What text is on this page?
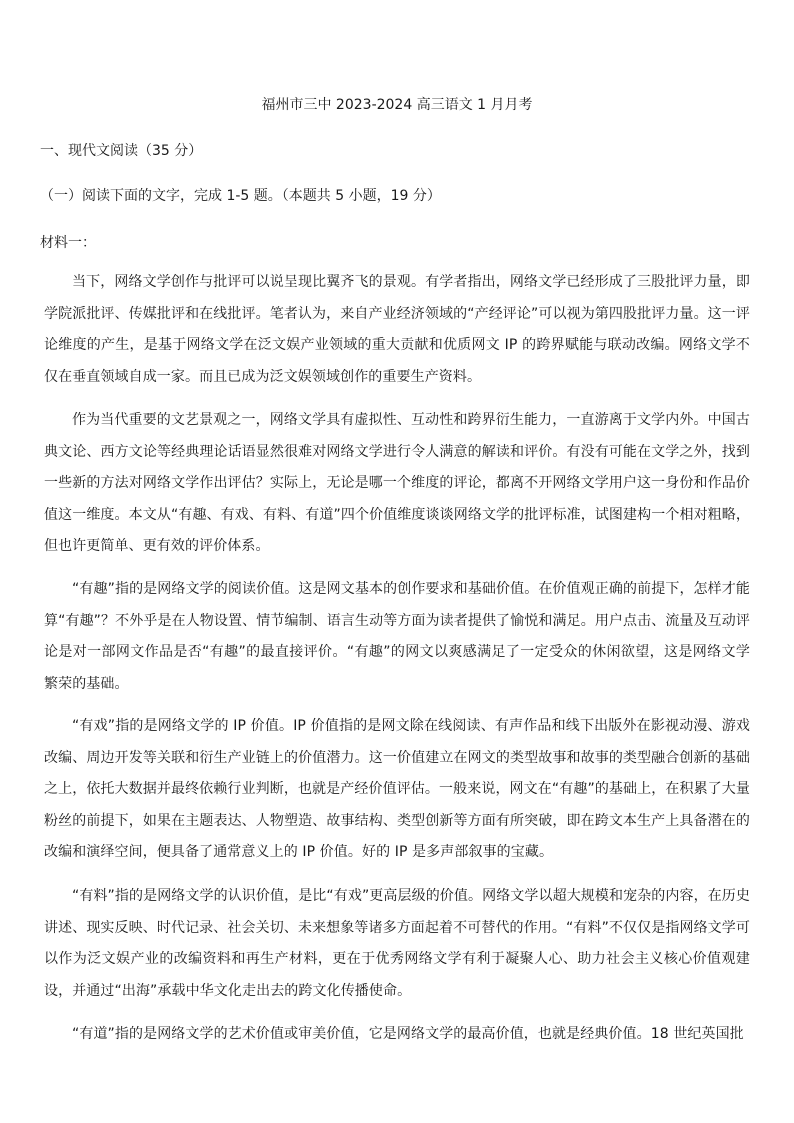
福州市三中 2023-2024 高三语文 1 月月考
一、现代文阅读（35 分）
（一）阅读下面的文字，完成 1-5 题。（本题共 5 小题，19 分）
材料一：

当下，网络文学创作与批评可以说呈现比翼齐飞的景观。有学者指出，网络文学已经形成了三股批评力量，即学院派批评、传媒批评和在线批评。笔者认为，来自产业经济领域的“产经评论”可以视为第四股批评力量。这一评论维度的产生，是基于网络文学在泛文娱产业领域的重大贡献和优质网文 IP 的跨界赋能与联动改编。网络文学不仅在垂直领域自成一家。而且已成为泛文娱领域创作的重要生产资料。

作为当代重要的文艺景观之一，网络文学具有虚拟性、互动性和跨界衍生能力，一直游离于文学内外。中国古典文论、西方文论等经典理论话语显然很难对网络文学进行令人满意的解读和评价。有没有可能在文学之外，找到一些新的方法对网络文学作出评估？实际上，无论是哪一个维度的评论，都离不开网络文学用户这一身份和作品价值这一维度。本文从“有趣、有戏、有料、有道”四个价值维度谈谈网络文学的批评标准，试图建构一个相对粗略，但也许更简单、更有效的评价体系。

“有趣”指的是网络文学的阅读价值。这是网文基本的创作要求和基础价值。在价值观正确的前提下，怎样才能算“有趣”？不外乎是在人物设置、情节编制、语言生动等方面为读者提供了愉悦和满足。用户点击、流量及互动评论是对一部网文作品是否“有趣”的最直接评价。“有趣”的网文以爽感满足了一定受众的休闲欲望，这是网络文学繁荣的基础。

“有戏”指的是网络文学的 IP 价值。IP 价值指的是网文除在线阅读、有声作品和线下出版外在影视动漫、游戏改编、周边开发等关联和衍生产业链上的价值潜力。这一价值建立在网文的类型故事和故事的类型融合创新的基础之上，依托大数据并最终依赖行业判断，也就是产经价值评估。一般来说，网文在“有趣”的基础上，在积累了大量粉丝的前提下，如果在主题表达、人物塑造、故事结构、类型创新等方面有所突破，即在跨文本生产上具备潜在的改编和演绎空间，便具备了通常意义上的 IP 价值。好的 IP 是多声部叙事的宝藏。

“有料”指的是网络文学的认识价值，是比“有戏”更高层级的价值。网络文学以超大规模和宠杂的内容，在历史讲述、现实反映、时代记录、社会关切、未来想象等诸多方面起着不可替代的作用。“有料”不仅仅是指网络文学可以作为泛文娱产业的改编资料和再生产材料，更在于优秀网络文学有利于凝聚人心、助力社会主义核心价值观建设，并通过“出海”承载中华文化走出去的跨文化传播使命。

“有道”指的是网络文学的艺术价值或审美价值，它是网络文学的最高价值，也就是经典价值。18 世纪英国批
